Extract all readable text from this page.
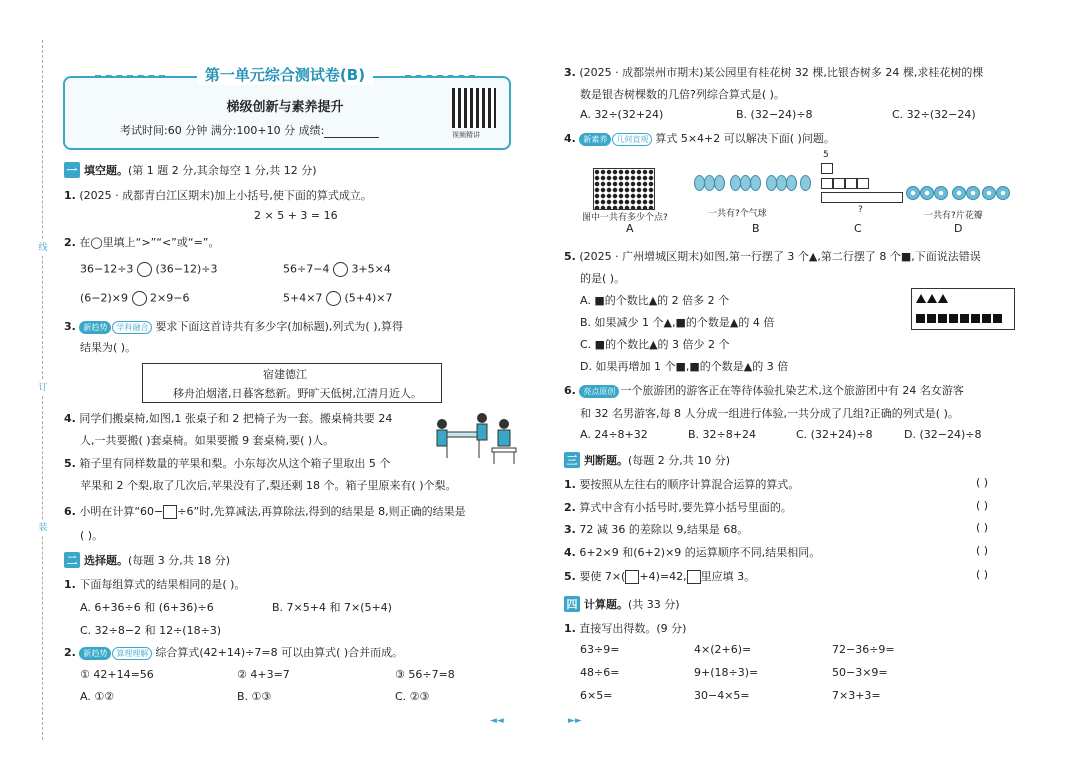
线
订
装
第一单元综合测试卷(B)
梯级创新与素养提升
考试时间:60 分钟 满分:100+10 分 成绩:	视频精讲
一 填空题。(第 1 题 2 分,其余每空 1 分,共 12 分)
1. (2025 · 成都青白江区期末)加上小括号,使下面的算式成立。
2 × 5 + 3 = 16
2. 在◯里填上“>”“<”或“=”。
36−12÷3 (36−12)÷3	56÷7−4 3+5×4
(6−2)×9 2×9−6	5+4×7 (5+4)×7
3. 新趋势 学科融合 要求下面这首诗共有多少字(加标题),列式为( ),算得
结果为( )。
宿建德江
移舟泊烟渚,日暮客愁新。野旷天低树,江清月近人。
4. 同学们搬桌椅,如图,1 张桌子和 2 把椅子为一套。搬桌椅共要 24
人,一共要搬( )套桌椅。如果要搬 9 套桌椅,要( )人。
5. 箱子里有同样数量的苹果和梨。小东每次从这个箱子里取出 5 个
苹果和 2 个梨,取了几次后,苹果没有了,梨还剩 18 个。箱子里原来有( )个梨。
6. 小明在计算“60− ÷6”时,先算减法,再算除法,得到的结果是 8,则正确的结果是
( )。
二 选择题。(每题 3 分,共 18 分)
1. 下面每组算式的结果相同的是( )。
A. 6+36÷6 和 (6+36)÷6	B. 7×5+4 和 7×(5+4)
C. 32÷8−2 和 12÷(18÷3)
2. 新趋势 算理理解 综合算式(42+14)÷7=8 可以由算式( )合并而成。
① 42+14=56	② 4+3=7	③ 56÷7=8
A. ①②	B. ①③	C. ②③
◄◄
3. (2025 · 成都崇州市期末)某公园里有桂花树 32 棵,比银杏树多 24 棵,求桂花树的棵
数是银杏树棵数的几倍?列综合算式是( )。
A. 32÷(32+24)	B. (32−24)÷8	C. 32÷(32−24)
4. 新素养 几何直观 算式 5×4+2 可以解决下面( )问题。
图中一共有多少个点?
A
一共有?个气球
B
5
?
C
一共有?片花瓣
D
5. (2025 · 广州增城区期末)如图,第一行摆了 3 个▲,第二行摆了 8 个■,下面说法错误
的是( )。
A. ■的个数比▲的 2 倍多 2 个
B. 如果减少 1 个▲,■的个数是▲的 4 倍
C. ■的个数比▲的 3 倍少 2 个
D. 如果再增加 1 个■,■的个数是▲的 3 倍
6. 亮点原创 一个旅游团的游客正在等待体验扎染艺术,这个旅游团中有 24 名女游客
和 32 名男游客,每 8 人分成一组进行体验,一共分成了几组?正确的列式是( )。
A. 24÷8+32	B. 32÷8+24	C. (32+24)÷8	D. (32−24)÷8
三 判断题。(每题 2 分,共 10 分)
1. 要按照从左往右的顺序计算混合运算的算式。	( )
2. 算式中含有小括号时,要先算小括号里面的。	( )
3. 72 减 36 的差除以 9,结果是 68。	( )
4. 6+2×9 和(6+2)×9 的运算顺序不同,结果相同。	( )
5. 要使 7×( +4)=42, 里应填 3。	( )
四 计算题。(共 33 分)
1. 直接写出得数。(9 分)
63÷9=	4×(2+6)=	72−36÷9=
48÷6=	9+(18÷3)=	50−3×9=
6×5=	30−4×5=	7×3+3=
►►
